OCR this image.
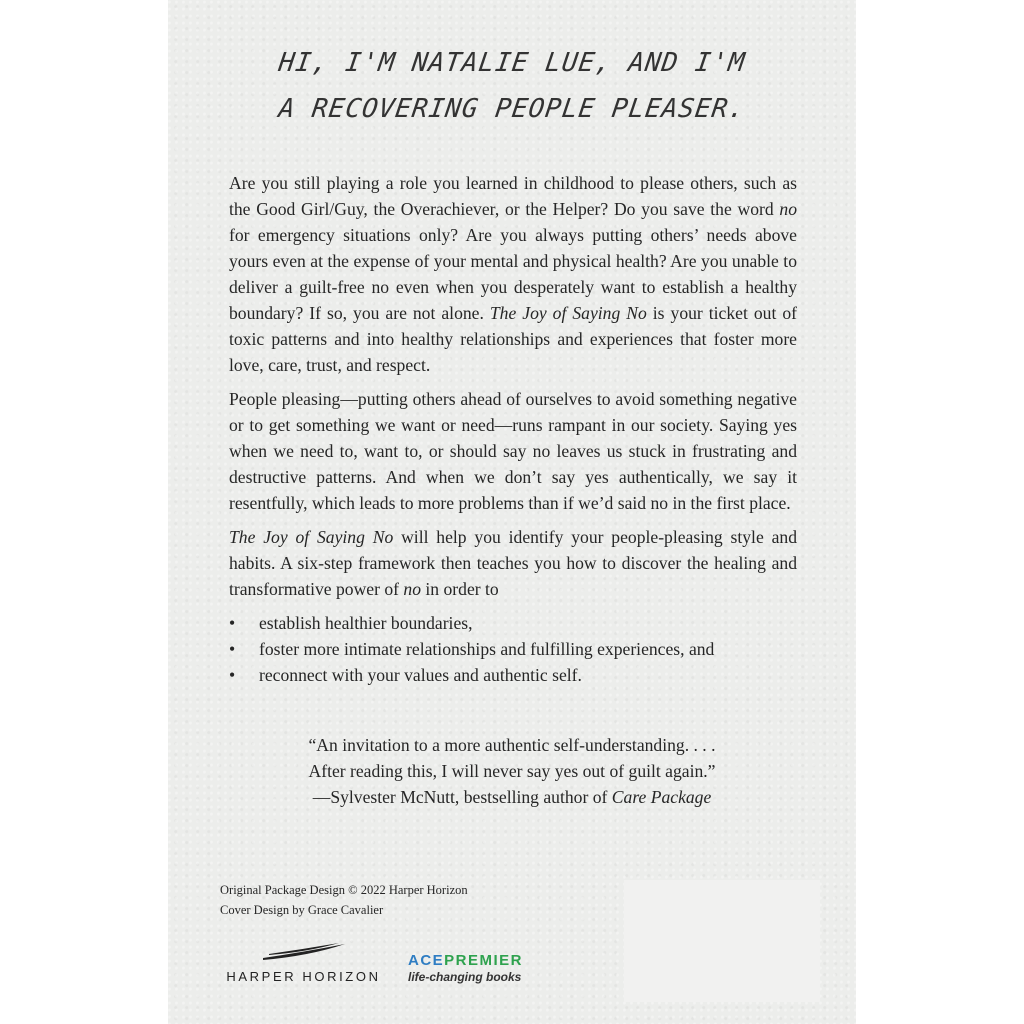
HI, I'M NATALIE LUE, AND I'M
A RECOVERING PEOPLE PLEASER.

Are you still playing a role you learned in childhood to please others, such as the Good Girl/Guy, the Overachiever, or the Helper? Do you save the word no for emergency situations only? Are you always putting others’ needs above yours even at the expense of your mental and physical health? Are you unable to deliver a guilt-free no even when you desperately want to establish a healthy boundary? If so, you are not alone. The Joy of Saying No is your ticket out of toxic patterns and into healthy relationships and experiences that foster more love, care, trust, and respect.

People pleasing—putting others ahead of ourselves to avoid something negative or to get something we want or need—runs rampant in our society. Saying yes when we need to, want to, or should say no leaves us stuck in frustrating and destructive patterns. And when we don’t say yes authentically, we say it resentfully, which leads to more problems than if we’d said no in the first place.

The Joy of Saying No will help you identify your people-pleasing style and habits. A six-step framework then teaches you how to discover the healing and transformative power of no in order to

• establish healthier boundaries,
• foster more intimate relationships and fulfilling experiences, and
• reconnect with your values and authentic self.
“An invitation to a more authentic self-understanding. . . .
After reading this, I will never say yes out of guilt again.”
—Sylvester McNutt, bestselling author of Care Package
Original Package Design © 2022 Harper Horizon
Cover Design by Grace Cavalier
HARPER HORIZON
ACEPREMIER
life-changing books
